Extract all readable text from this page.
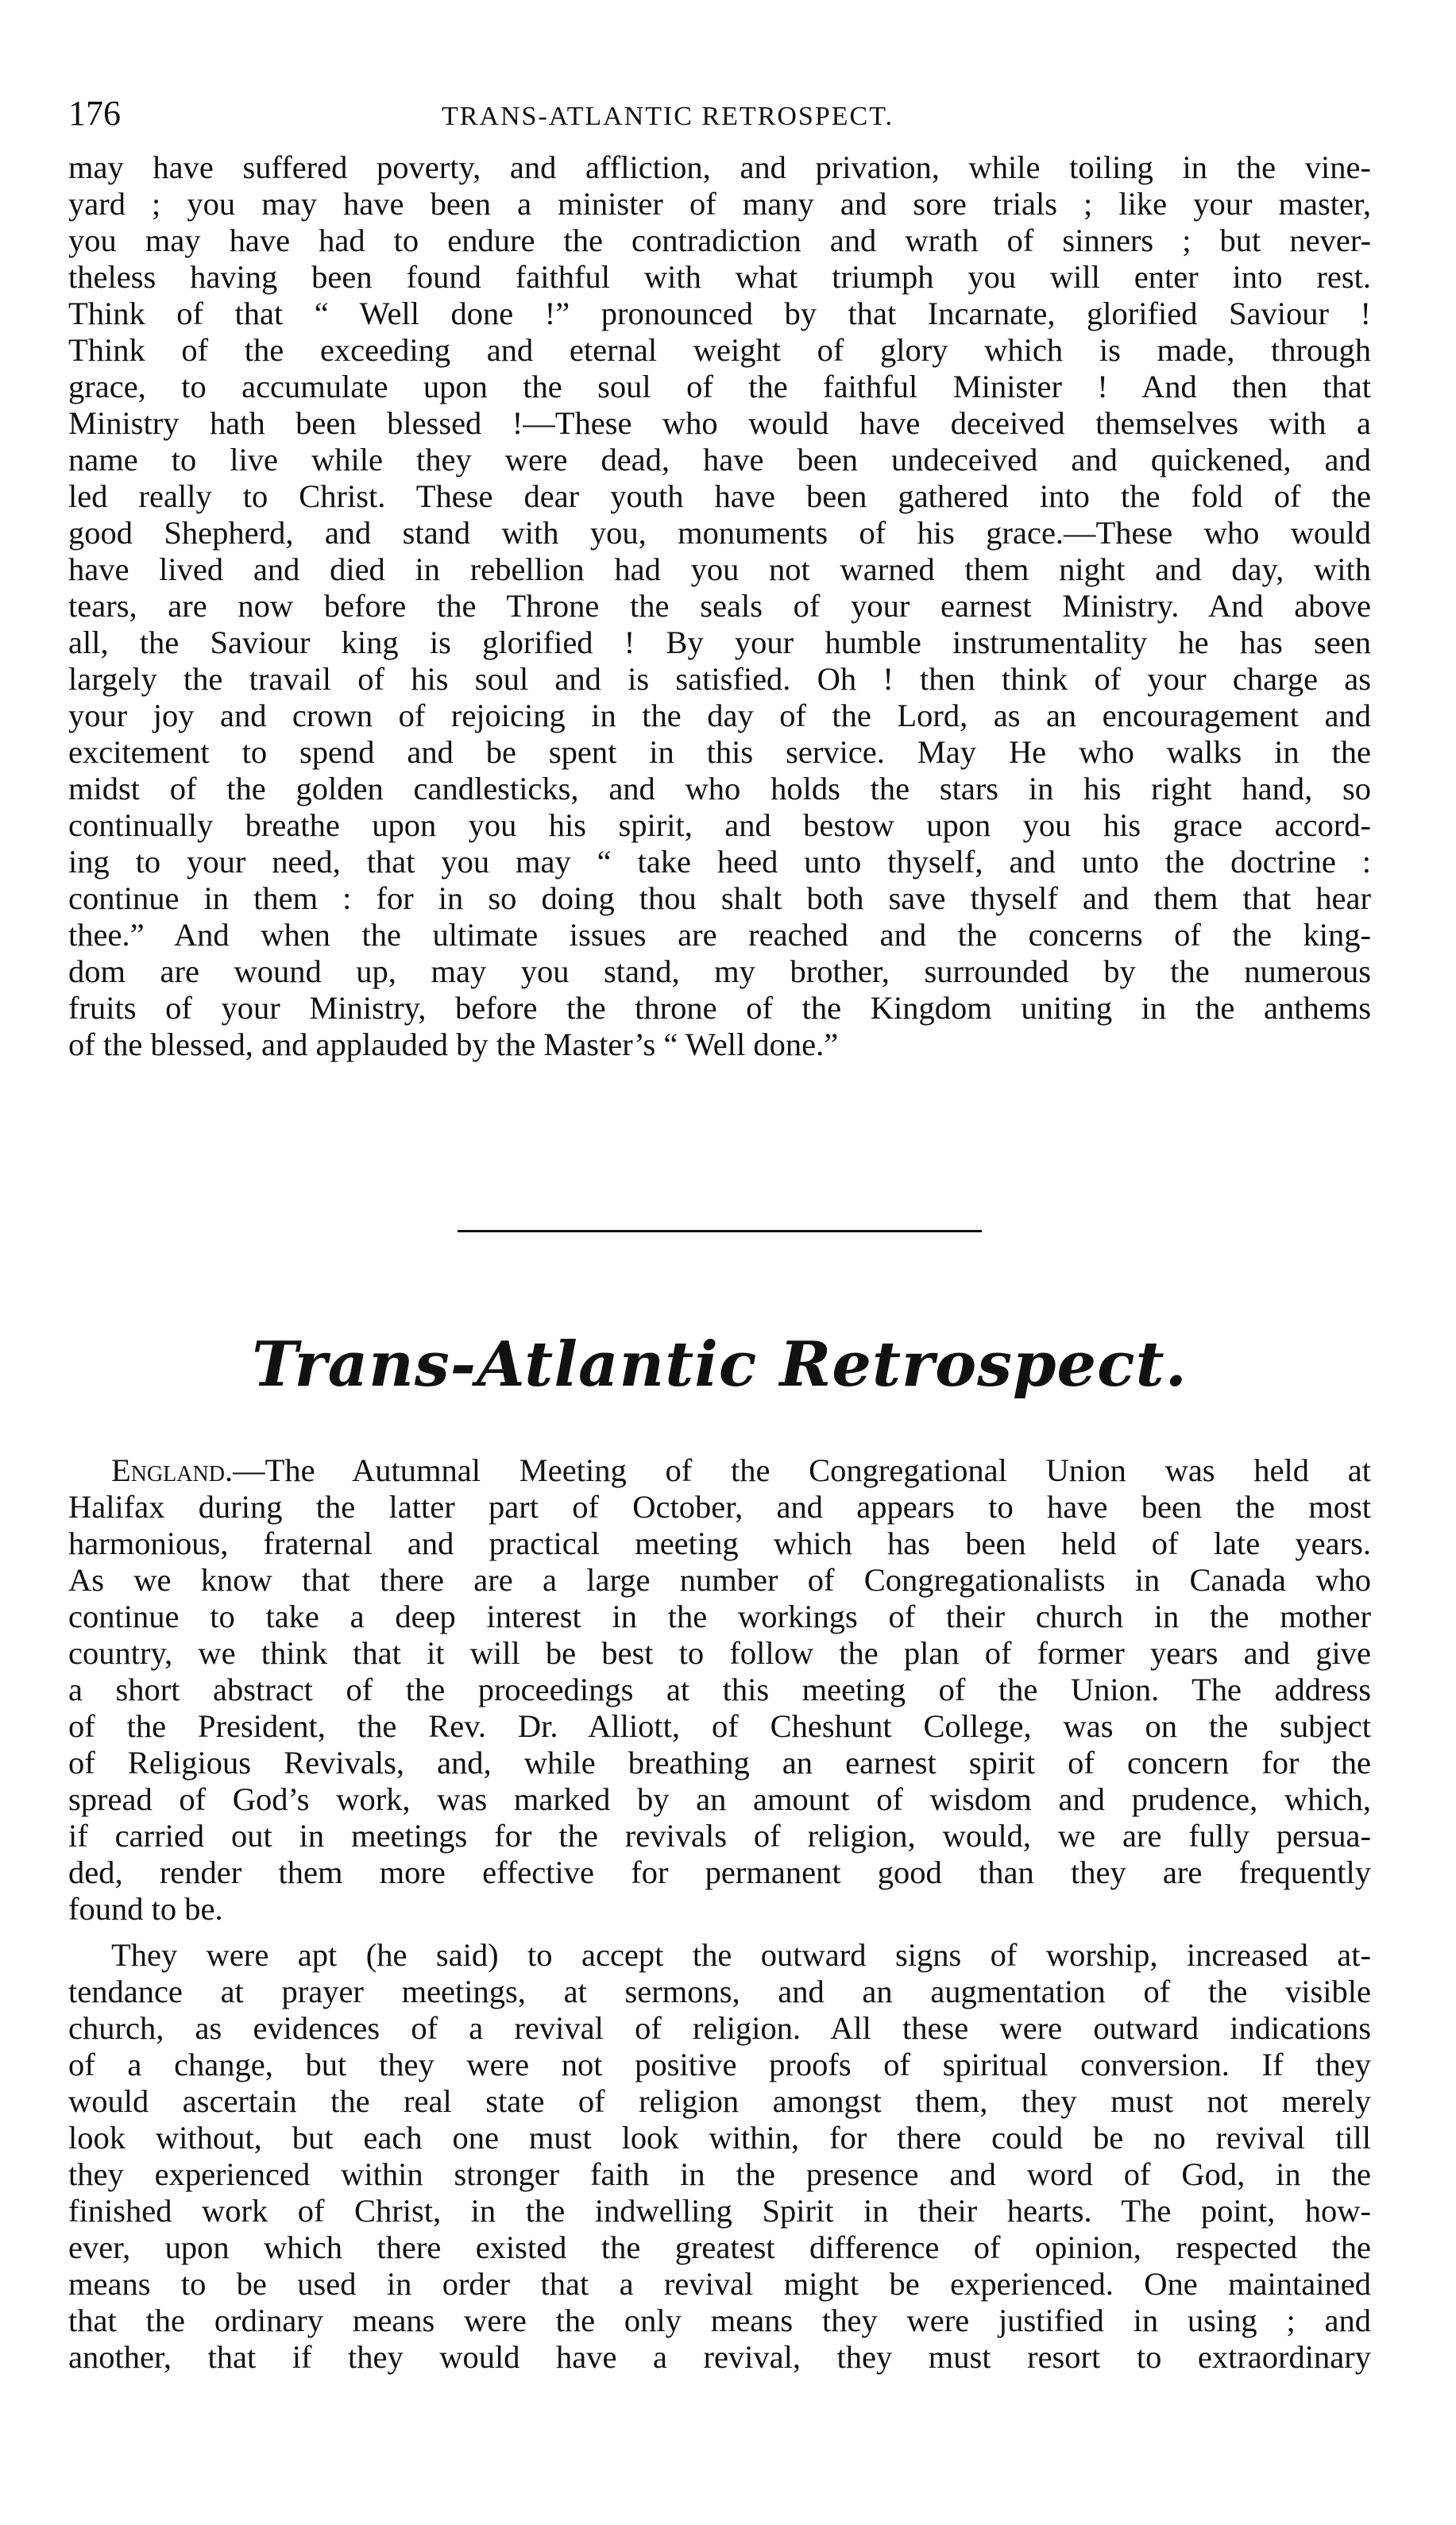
176	TRANS-ATLANTIC RETROSPECT.
may have suffered poverty, and affliction, and privation, while toiling in the vine-
yard ; you may have been a minister of many and sore trials ; like your master,
you may have had to endure the contradiction and wrath of sinners ; but never-
theless having been found faithful with what triumph you will enter into rest.
Think of that “ Well done !” pronounced by that Incarnate, glorified Saviour !
Think of the exceeding and eternal weight of glory which is made, through
grace, to accumulate upon the soul of the faithful Minister ! And then that
Ministry hath been blessed !—These who would have deceived themselves with a
name to live while they were dead, have been undeceived and quickened, and
led really to Christ. These dear youth have been gathered into the fold of the
good Shepherd, and stand with you, monuments of his grace.—These who would
have lived and died in rebellion had you not warned them night and day, with
tears, are now before the Throne the seals of your earnest Ministry. And above
all, the Saviour king is glorified ! By your humble instrumentality he has seen
largely the travail of his soul and is satisfied. Oh ! then think of your charge as
your joy and crown of rejoicing in the day of the Lord, as an encouragement and
excitement to spend and be spent in this service. May He who walks in the
midst of the golden candlesticks, and who holds the stars in his right hand, so
continually breathe upon you his spirit, and bestow upon you his grace accord-
ing to your need, that you may “ take heed unto thyself, and unto the doctrine :
continue in them : for in so doing thou shalt both save thyself and them that hear
thee.” And when the ultimate issues are reached and the concerns of the king-
dom are wound up, may you stand, my brother, surrounded by the numerous
fruits of your Ministry, before the throne of the Kingdom uniting in the anthems
of the blessed, and applauded by the Master’s “ Well done.”
Trans-Atlantic Retrospect.
England.—The Autumnal Meeting of the Congregational Union was held at
Halifax during the latter part of October, and appears to have been the most
harmonious, fraternal and practical meeting which has been held of late years.
As we know that there are a large number of Congregationalists in Canada who
continue to take a deep interest in the workings of their church in the mother
country, we think that it will be best to follow the plan of former years and give
a short abstract of the proceedings at this meeting of the Union. The address
of the President, the Rev. Dr. Alliott, of Cheshunt College, was on the subject
of Religious Revivals, and, while breathing an earnest spirit of concern for the
spread of God’s work, was marked by an amount of wisdom and prudence, which,
if carried out in meetings for the revivals of religion, would, we are fully persua-
ded, render them more effective for permanent good than they are frequently
found to be.
They were apt (he said) to accept the outward signs of worship, increased at-
tendance at prayer meetings, at sermons, and an augmentation of the visible
church, as evidences of a revival of religion. All these were outward indications
of a change, but they were not positive proofs of spiritual conversion. If they
would ascertain the real state of religion amongst them, they must not merely
look without, but each one must look within, for there could be no revival till
they experienced within stronger faith in the presence and word of God, in the
finished work of Christ, in the indwelling Spirit in their hearts. The point, how-
ever, upon which there existed the greatest difference of opinion, respected the
means to be used in order that a revival might be experienced. One maintained
that the ordinary means were the only means they were justified in using ; and
another, that if they would have a revival, they must resort to extraordinary
